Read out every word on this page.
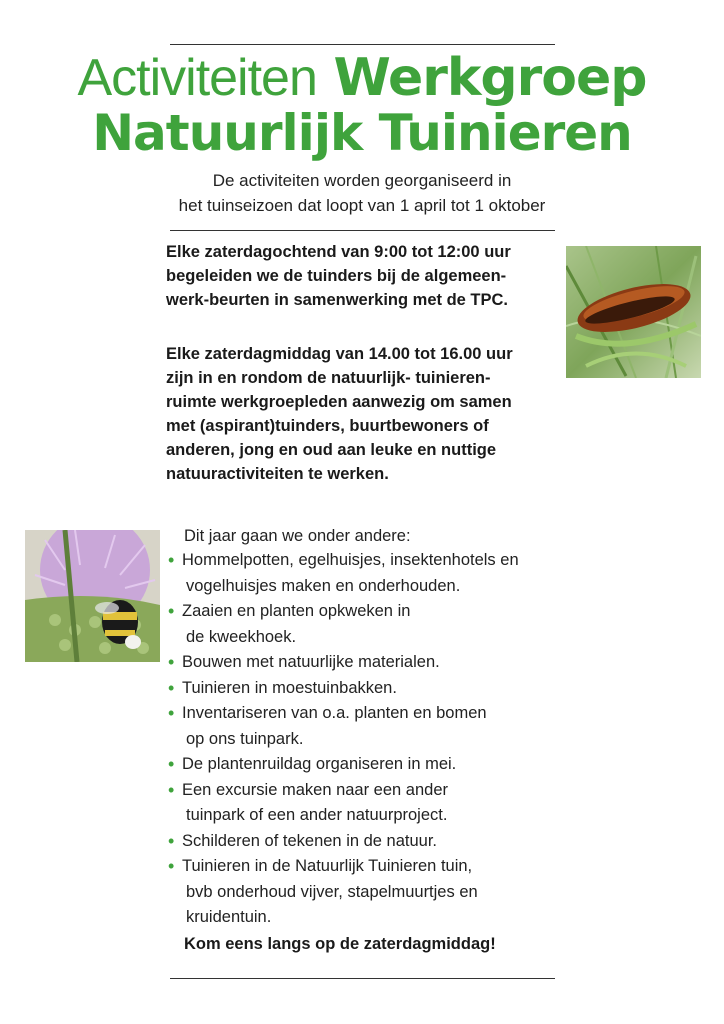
Activiteiten Werkgroep
Natuurlijk Tuinieren
De activiteiten worden georganiseerd in
het tuinseizoen dat loopt van 1 april tot 1 oktober
Elke zaterdagochtend van 9:00 tot 12:00 uur
begeleiden we de tuinders bij de algemeen-
werk-beurten in samenwerking met de TPC.
Elke zaterdagmiddag van 14.00 tot 16.00 uur
zijn in en rondom de natuurlijk- tuinieren-
ruimte werkgroepleden aanwezig om samen
met (aspirant)tuinders, buurtbewoners of
anderen, jong en oud aan leuke en nuttige
natuuractiviteiten te werken.
Dit jaar gaan we onder andere:
• Hommelpotten, egelhuisjes, insektenhotels en
vogelhuisjes maken en onderhouden.
• Zaaien en planten opkweken in
de kweekhoek.
• Bouwen met natuurlijke materialen.
• Tuinieren in moestuinbakken.
• Inventariseren van o.a. planten en bomen
op ons tuinpark.
• De plantenruildag organiseren in mei.
• Een excursie maken naar een ander
tuinpark of een ander natuurproject.
• Schilderen of tekenen in de natuur.
• Tuinieren in de Natuurlijk Tuinieren tuin,
bvb onderhoud vijver, stapelmuurtjes en
kruidentuin.
Kom eens langs op de zaterdagmiddag!
